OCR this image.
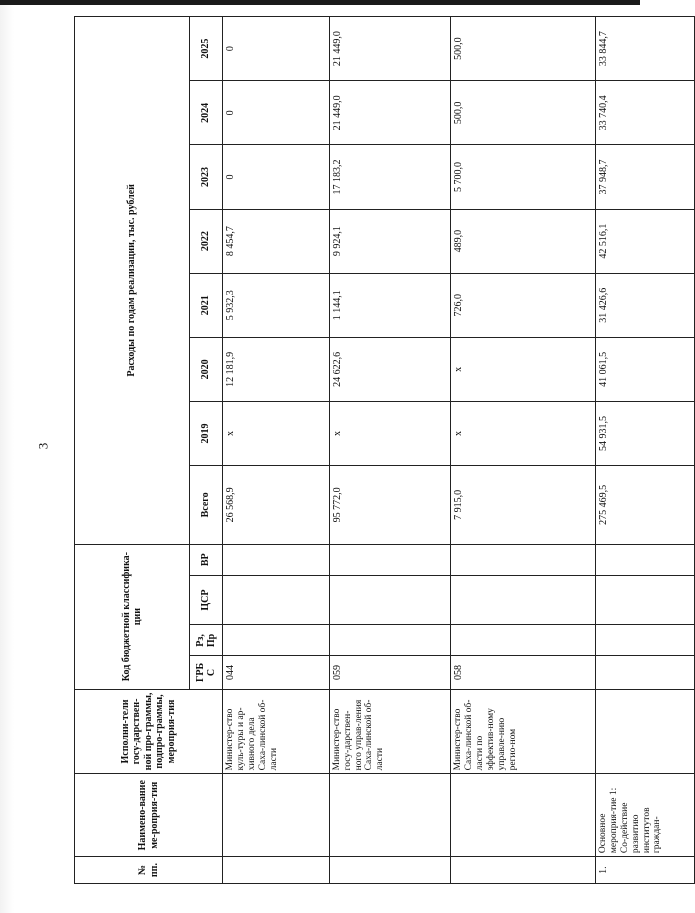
3
№ пп.	Наимено-вание ме-роприя-тия	Исполни-тели госу-дарствен-ной про-граммы, подпро-граммы, мероприя-тия	Код бюджетной классифика-ции				Расходы по годам реализации, тыс. рублей							

			ГРБ С	Рз, Пр	ЦСР	ВР	Всего	2019	2020	2021	2022	2023	2024	2025
		Министер-ство куль-туры и ар-хивного дела Саха-линской об-ласти	044				26 568,9	x	12 181,9	5 932,3	8 454,7	0	0	0
		Министер-ство госу-дарствен-ного управ-ления Саха-линской об-ласти	059				95 772,0	x	24 622,6	1 144,1	9 924,1	17 183,2	21 449,0	21 449,0
		Министер-ство Саха-линской об-ласти по эффектив-ному управле-нию регио-ном	058				7 915,0	x	x	726,0	489,0	5 700,0	500,0	500,0
1.	Основное мероприя-тие 1: Со-действие развитию институтов граждан-						275 469,5	54 931,5	41 061,5	31 426,6	42 516,1	37 948,7	33 740,4	33 844,7
